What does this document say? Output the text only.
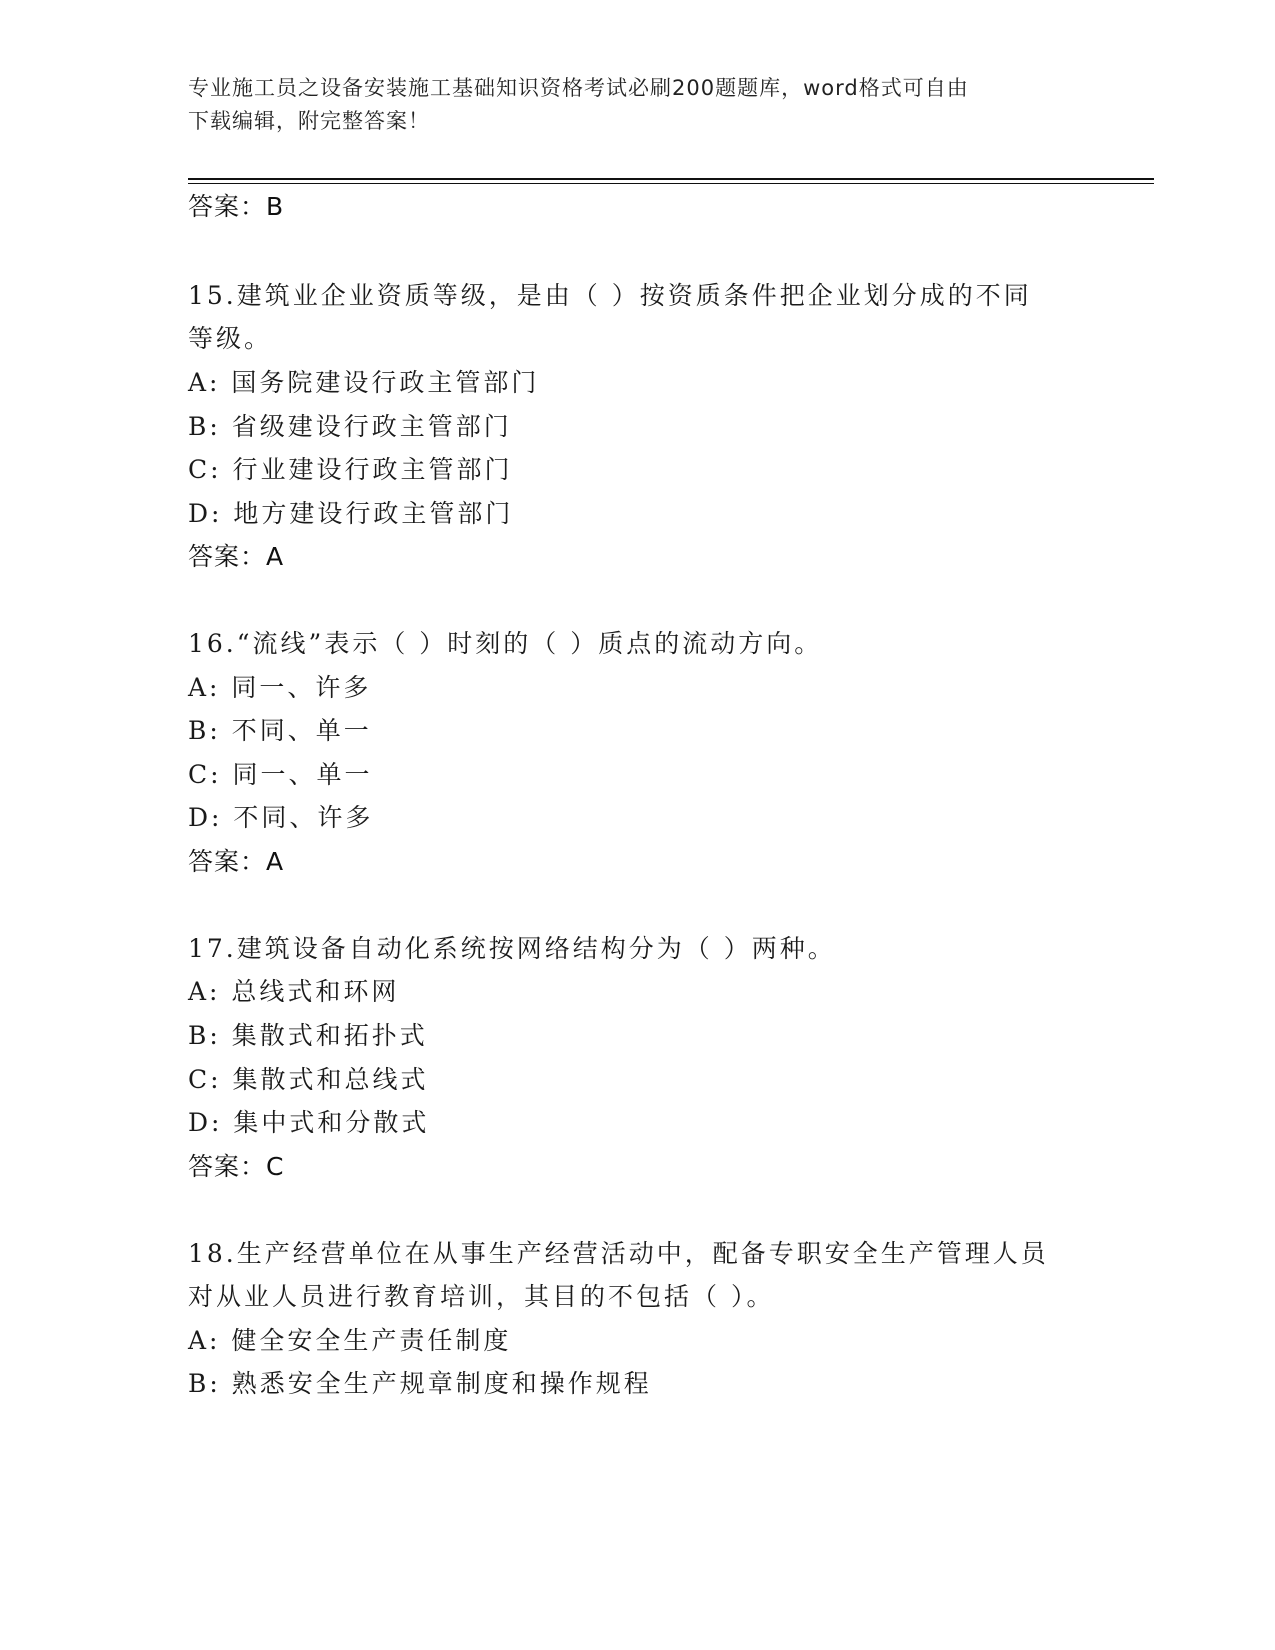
专业施工员之设备安装施工基础知识资格考试必刷200题题库，word格式可自由
下载编辑，附完整答案！
答案：B
15.建筑业企业资质等级，是由（ ）按资质条件把企业划分成的不同
等级。
A: 国务院建设行政主管部门
B: 省级建设行政主管部门
C: 行业建设行政主管部门
D: 地方建设行政主管部门
答案：A
16.“流线”表示（ ）时刻的（ ）质点的流动方向。
A: 同一、许多
B: 不同、单一
C: 同一、单一
D: 不同、许多
答案：A
17.建筑设备自动化系统按网络结构分为（ ）两种。
A: 总线式和环网
B: 集散式和拓扑式
C: 集散式和总线式
D: 集中式和分散式
答案：C
18.生产经营单位在从事生产经营活动中，配备专职安全生产管理人员
对从业人员进行教育培训，其目的不包括（ ）。
A: 健全安全生产责任制度
B: 熟悉安全生产规章制度和操作规程
